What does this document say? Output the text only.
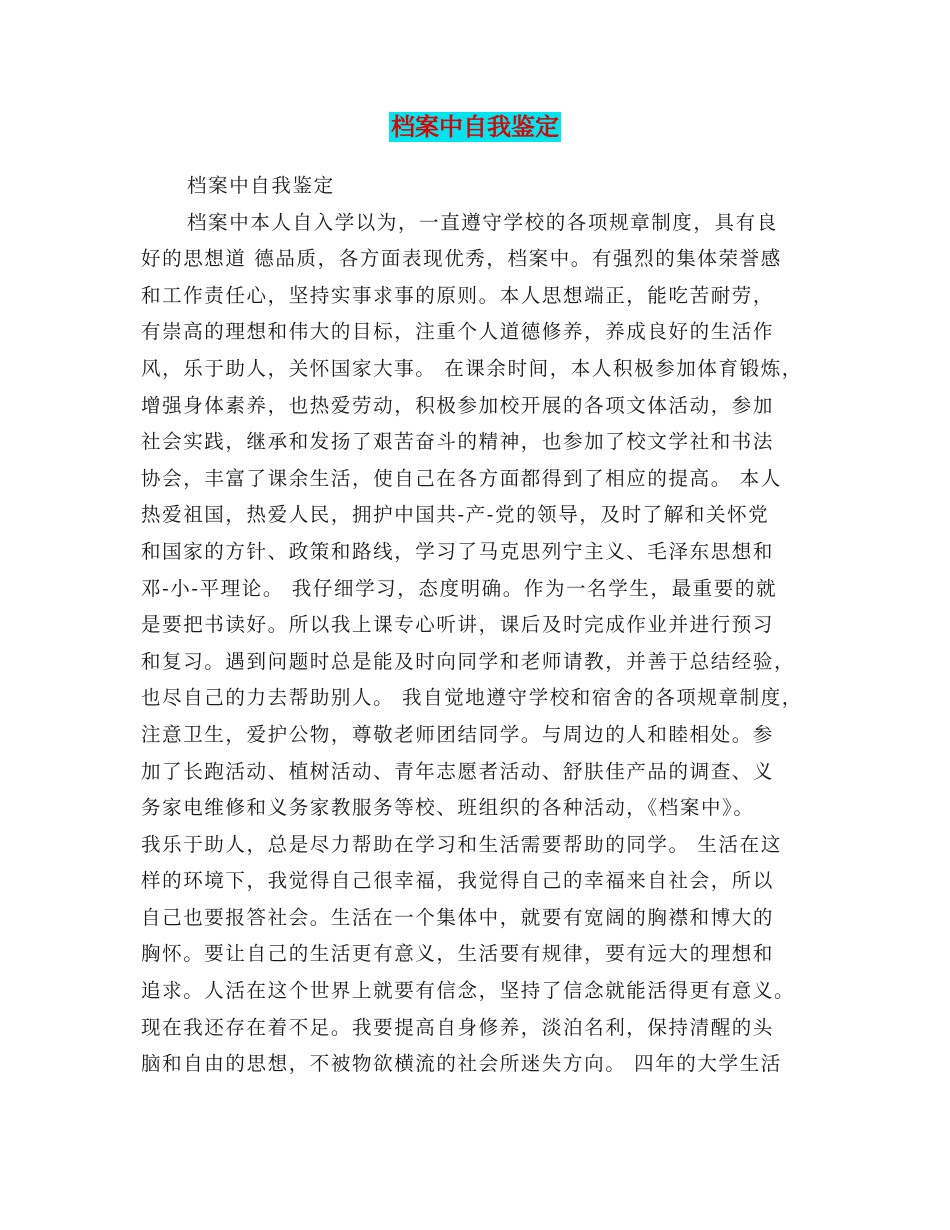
档案中自我鉴定
档案中自我鉴定
档案中本人自入学以为，一直遵守学校的各项规章制度，具有良
好的思想道 德品质，各方面表现优秀，档案中。有强烈的集体荣誉感
和工作责任心，坚持实事求事的原则。本人思想端正，能吃苦耐劳，
有崇高的理想和伟大的目标，注重个人道德修养，养成良好的生活作
风，乐于助人，关怀国家大事。 在课余时间，本人积极参加体育锻炼，
增强身体素养，也热爱劳动，积极参加校开展的各项文体活动，参加
社会实践，继承和发扬了艰苦奋斗的精神，也参加了校文学社和书法
协会，丰富了课余生活，使自己在各方面都得到了相应的提高。 本人
热爱祖国，热爱人民，拥护中国共-产-党的领导，及时了解和关怀党
和国家的方针、政策和路线，学习了马克思列宁主义、毛泽东思想和
邓-小-平理论。 我仔细学习，态度明确。作为一名学生，最重要的就
是要把书读好。所以我上课专心听讲，课后及时完成作业并进行预习
和复习。遇到问题时总是能及时向同学和老师请教，并善于总结经验，
也尽自己的力去帮助别人。 我自觉地遵守学校和宿舍的各项规章制度，
注意卫生，爱护公物，尊敬老师团结同学。与周边的人和睦相处。参
加了长跑活动、植树活动、青年志愿者活动、舒肤佳产品的调查、义
务家电维修和义务家教服务等校、班组织的各种活动，《档案中》。
我乐于助人，总是尽力帮助在学习和生活需要帮助的同学。 生活在这
样的环境下，我觉得自己很幸福，我觉得自己的幸福来自社会，所以
自己也要报答社会。生活在一个集体中，就要有宽阔的胸襟和博大的
胸怀。要让自己的生活更有意义，生活要有规律，要有远大的理想和
追求。人活在这个世界上就要有信念，坚持了信念就能活得更有意义。
现在我还存在着不足。我要提高自身修养，淡泊名利，保持清醒的头
脑和自由的思想，不被物欲横流的社会所迷失方向。 四年的大学生活
